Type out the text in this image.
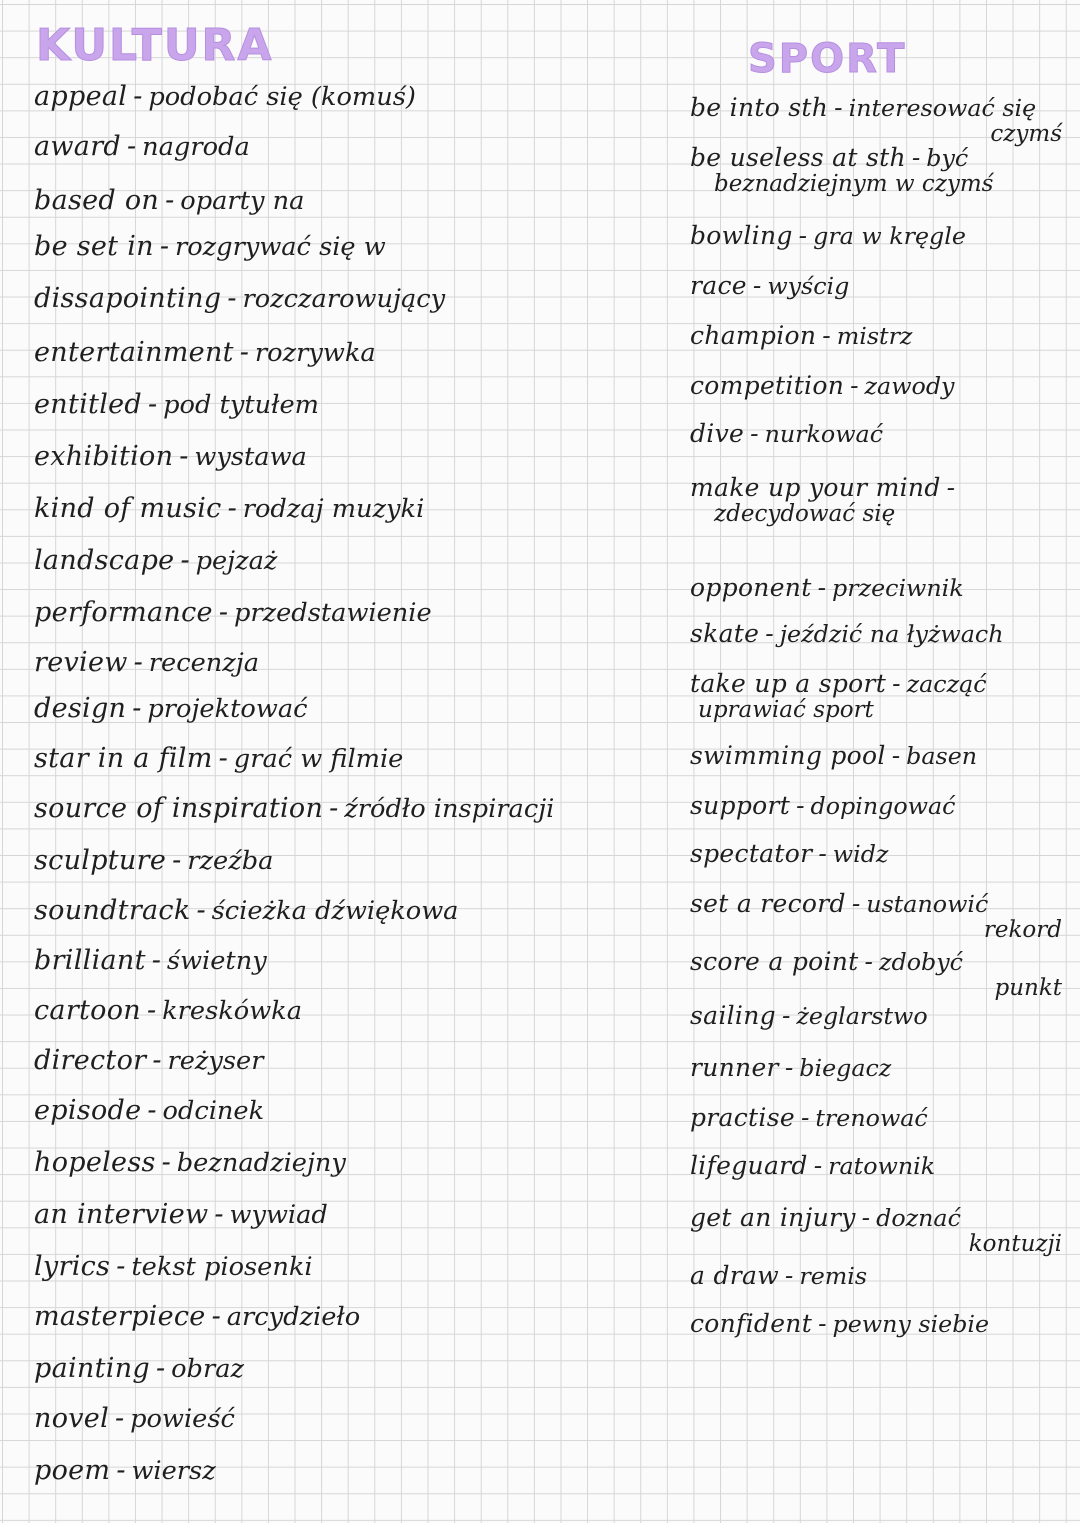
KULTURA
appeal - podobać się (komuś)
award - nagroda
based on - oparty na
be set in - rozgrywać się w
dissapointing - rozczarowujący
entertainment - rozrywka
entitled - pod tytułem
exhibition - wystawa
kind of music - rodzaj muzyki
landscape - pejzaż
performance - przedstawienie
review - recenzja
design - projektować
star in a film - grać w filmie
source of inspiration - źródło inspiracji
sculpture - rzeźba
soundtrack - ścieżka dźwiękowa
brilliant - świetny
cartoon - kreskówka
director - reżyser
episode - odcinek
hopeless - beznadziejny
an interview - wywiad
lyrics - tekst piosenki
masterpiece - arcydzieło
painting - obraz
novel - powieść
poem - wiersz
SPORT
be into sth - interesować się
czymś
be useless at sth - być
beznadziejnym w czymś
bowling - gra w kręgle
race - wyścig
champion - mistrz
competition - zawody
dive - nurkować
make up your mind -
zdecydować się
opponent - przeciwnik
skate - jeździć na łyżwach
take up a sport - zacząć
uprawiać sport
swimming pool - basen
support - dopingować
spectator - widz
set a record - ustanowić
rekord
score a point - zdobyć
punkt
sailing - żeglarstwo
runner - biegacz
practise - trenować
lifeguard - ratownik
get an injury - doznać
kontuzji
a draw - remis
confident - pewny siebie
